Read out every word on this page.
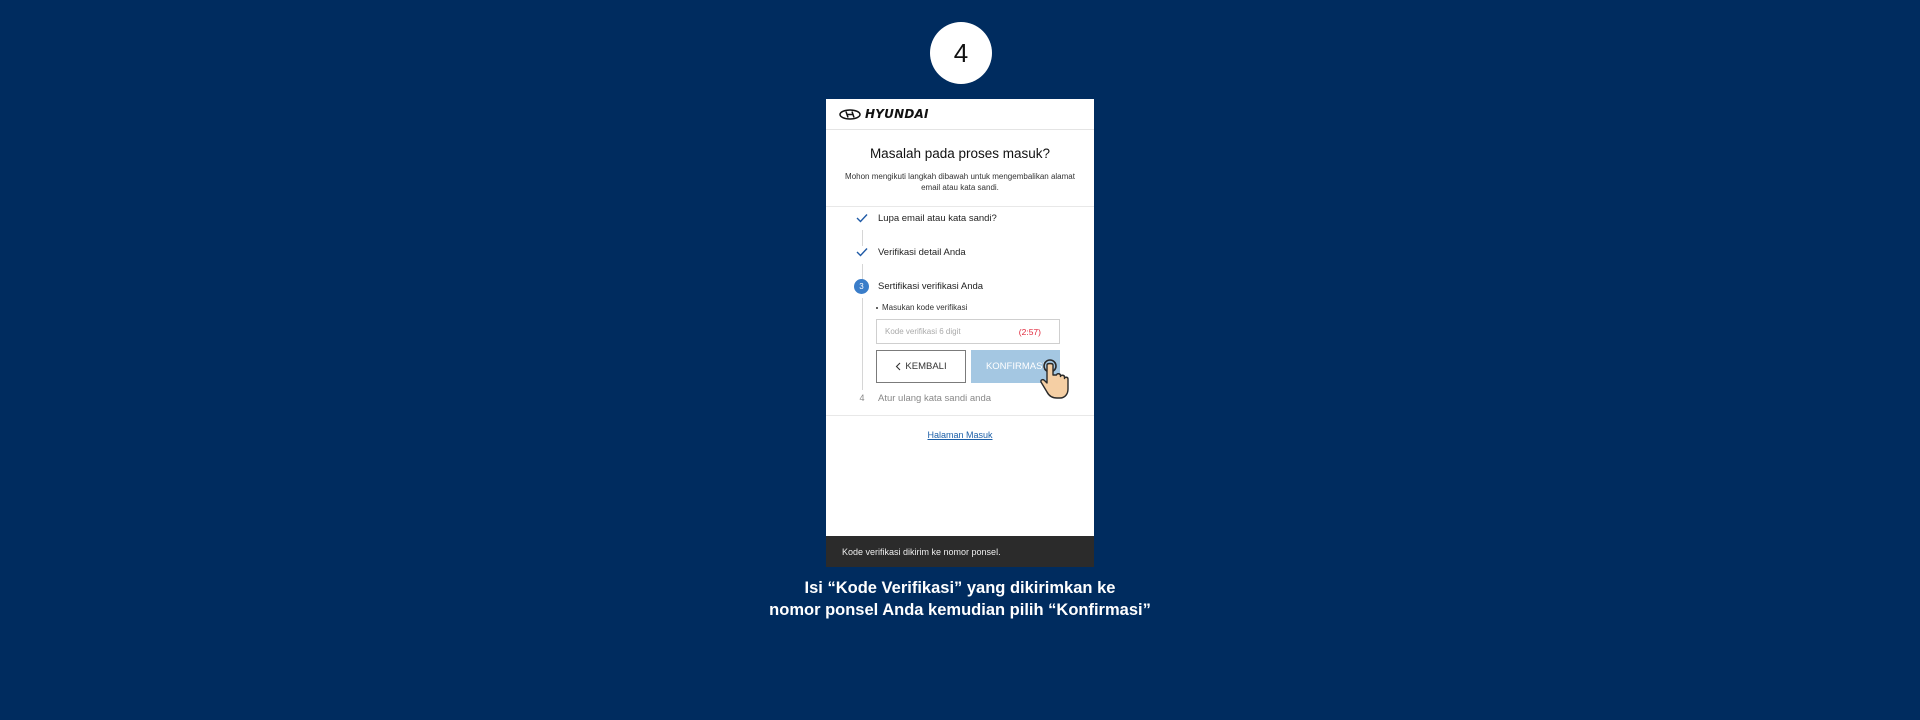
4
HYUNDAI
Masalah pada proses masuk?
Mohon mengikuti langkah dibawah untuk mengembalikan alamat email atau kata sandi.
Lupa email atau kata sandi?
Verifikasi detail Anda
3	Sertifikasi verifikasi Anda
4	Atur ulang kata sandi anda
Masukan kode verifikasi
Kode verifikasi 6 digit
(2:57)
KEMBALI	KONFIRMASI
Halaman Masuk
Kode verifikasi dikirim ke nomor ponsel.
Isi “Kode Verifikasi” yang dikirimkan ke
nomor ponsel Anda kemudian pilih “Konfirmasi”
